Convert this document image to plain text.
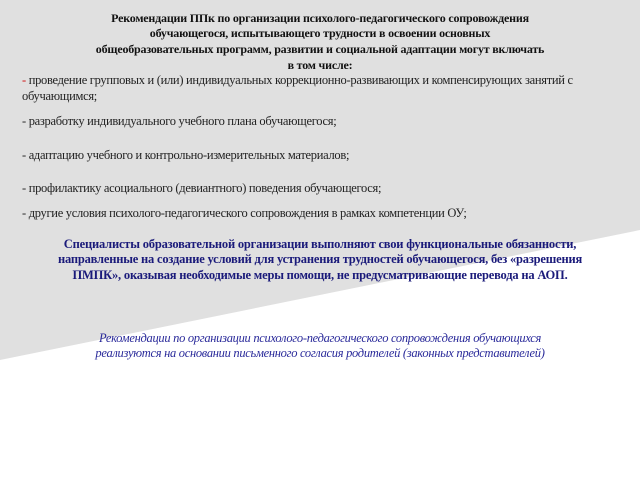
Рекомендации ППк по организации психолого-педагогического сопровождения
обучающегося, испытывающего трудности в освоении основных
общеобразовательных программ, развитии и социальной адаптации могут включать
в том числе:
- проведение групповых и (или) индивидуальных коррекционно-развивающих и компенсирующих занятий с
обучающимся;
- разработку индивидуального учебного плана обучающегося;
- адаптацию учебного и контрольно-измерительных материалов;
- профилактику асоциального (девиантного) поведения обучающегося;
- другие условия психолого-педагогического сопровождения в рамках компетенции ОУ;
Специалисты образовательной организации выполняют свои функциональные обязанности,
направленные на создание условий для устранения трудностей обучающегося, без «разрешения
ПМПК», оказывая необходимые меры помощи, не предусматривающие перевода на АОП.
Рекомендации по организации психолого-педагогического сопровождения обучающихся
реализуются на основании письменного согласия родителей (законных представителей)
